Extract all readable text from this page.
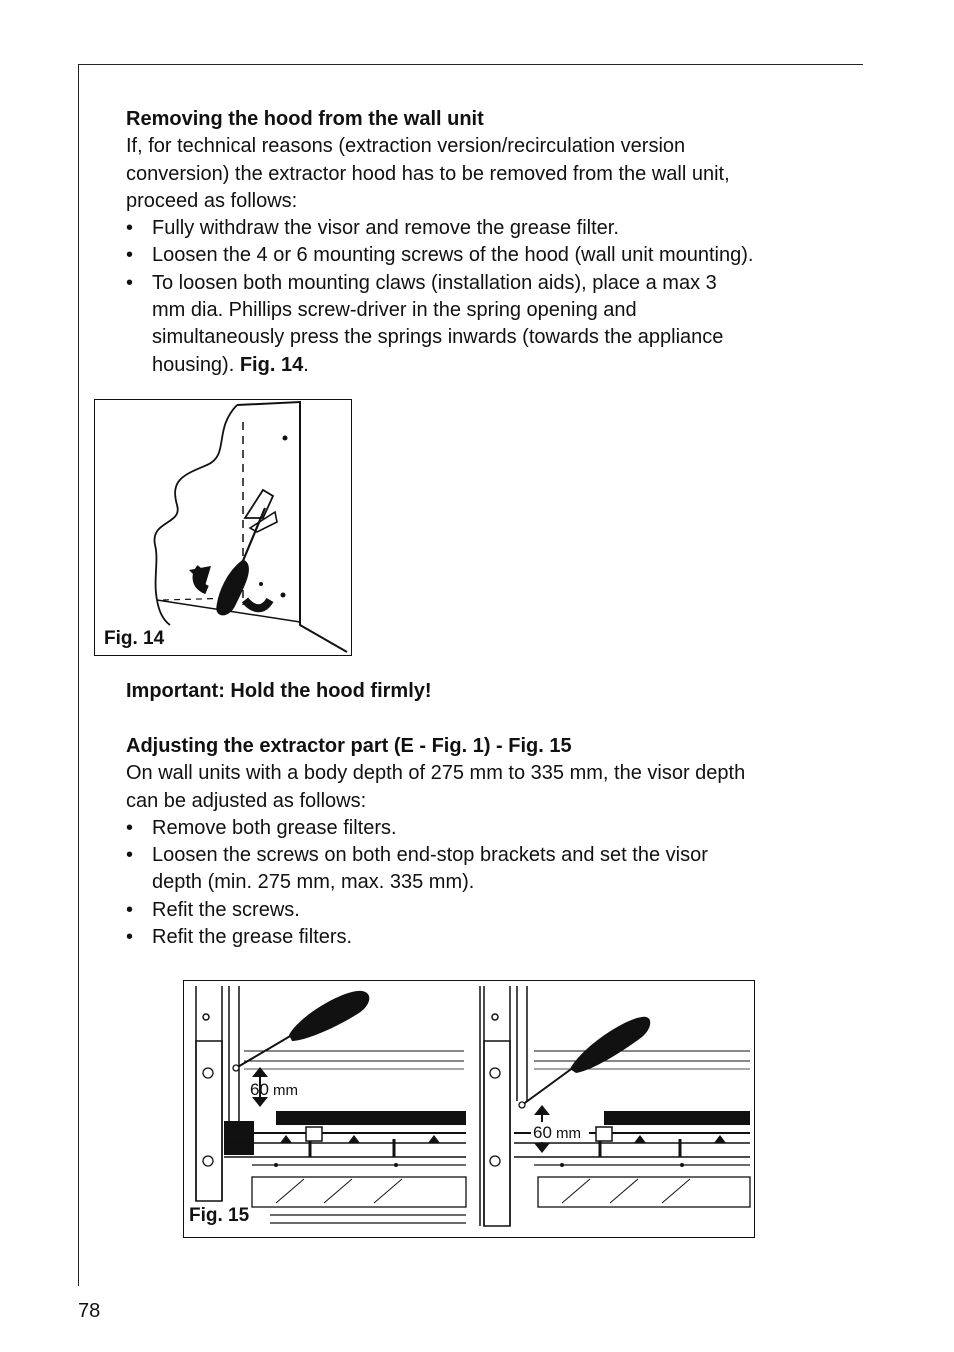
Removing the hood from the wall unit
If, for technical reasons (extraction version/recirculation version
conversion) the extractor hood has to be removed from the wall unit,
proceed as follows:
• Fully withdraw the visor and remove the grease filter.
• Loosen the 4 or 6 mounting screws of the hood (wall unit mounting).
• To loosen both mounting claws (installation aids), place a max 3
mm dia. Phillips screw-driver in the spring opening and
simultaneously press the springs inwards (towards the appliance
housing). Fig. 14.
Fig. 14
Important: Hold the hood firmly!
Adjusting the extractor part (E - Fig. 1) - Fig. 15
On wall units with a body depth of 275 mm to 335 mm, the visor depth
can be adjusted as follows:
• Remove both grease filters.
• Loosen the screws on both end-stop brackets and set the visor
depth (min. 275 mm, max. 335 mm).
• Refit the screws.
• Refit the grease filters.
60 mm
60 mm
Fig. 15
78
